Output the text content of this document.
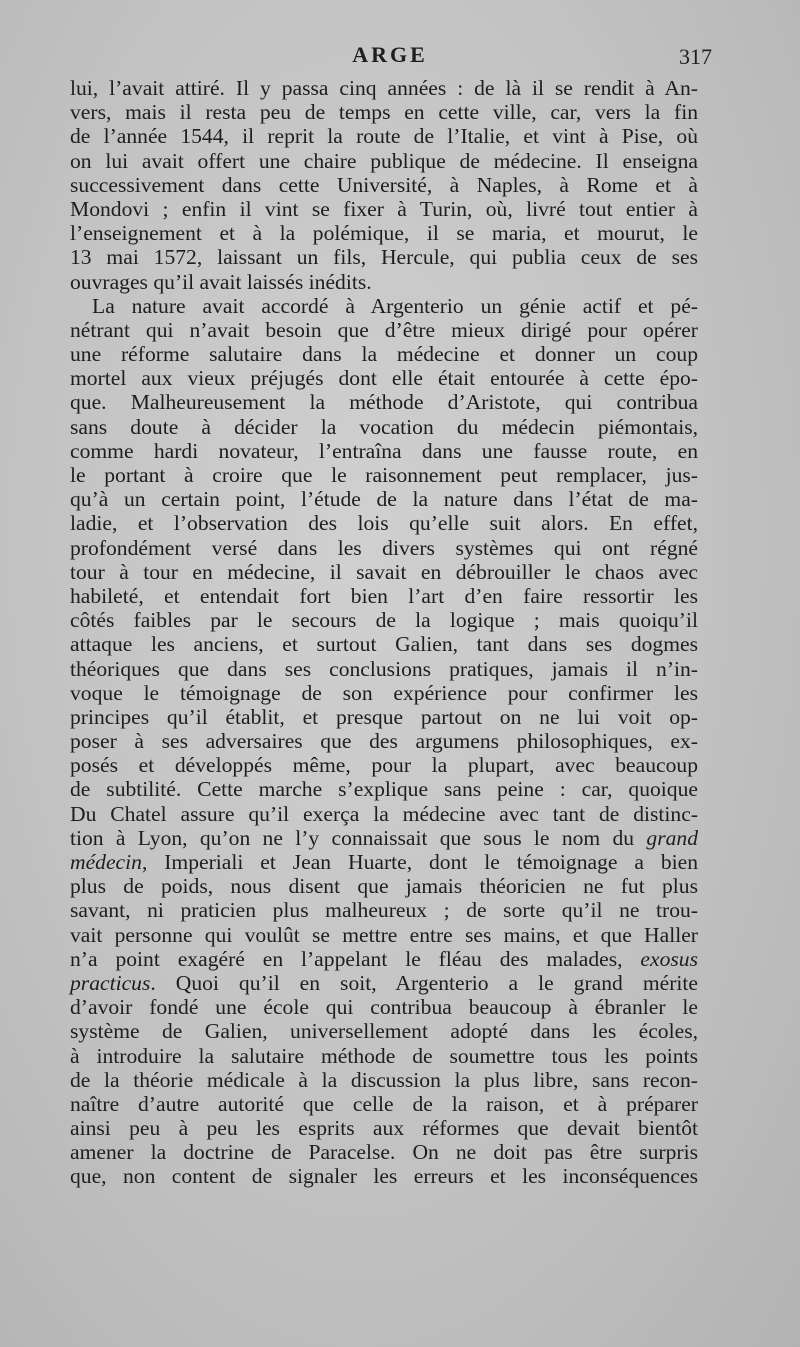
ARGE	317
lui, l’avait attiré. Il y passa cinq années : de là il se rendit à An-
vers, mais il resta peu de temps en cette ville, car, vers la fin
de l’année 1544, il reprit la route de l’Italie, et vint à Pise, où
on lui avait offert une chaire publique de médecine. Il enseigna
successivement dans cette Université, à Naples, à Rome et à
Mondovi ; enfin il vint se fixer à Turin, où, livré tout entier à
l’enseignement et à la polémique, il se maria, et mourut, le
13 mai 1572, laissant un fils, Hercule, qui publia ceux de ses
ouvrages qu’il avait laissés inédits.
La nature avait accordé à Argenterio un génie actif et pé-
nétrant qui n’avait besoin que d’être mieux dirigé pour opérer
une réforme salutaire dans la médecine et donner un coup
mortel aux vieux préjugés dont elle était entourée à cette épo-
que. Malheureusement la méthode d’Aristote, qui contribua
sans doute à décider la vocation du médecin piémontais,
comme hardi novateur, l’entraîna dans une fausse route, en
le portant à croire que le raisonnement peut remplacer, jus-
qu’à un certain point, l’étude de la nature dans l’état de ma-
ladie, et l’observation des lois qu’elle suit alors. En effet,
profondément versé dans les divers systèmes qui ont régné
tour à tour en médecine, il savait en débrouiller le chaos avec
habileté, et entendait fort bien l’art d’en faire ressortir les
côtés faibles par le secours de la logique ; mais quoiqu’il
attaque les anciens, et surtout Galien, tant dans ses dogmes
théoriques que dans ses conclusions pratiques, jamais il n’in-
voque le témoignage de son expérience pour confirmer les
principes qu’il établit, et presque partout on ne lui voit op-
poser à ses adversaires que des argumens philosophiques, ex-
posés et développés même, pour la plupart, avec beaucoup
de subtilité. Cette marche s’explique sans peine : car, quoique
Du Chatel assure qu’il exerça la médecine avec tant de distinc-
tion à Lyon, qu’on ne l’y connaissait que sous le nom du grand
médecin, Imperiali et Jean Huarte, dont le témoignage a bien
plus de poids, nous disent que jamais théoricien ne fut plus
savant, ni praticien plus malheureux ; de sorte qu’il ne trou-
vait personne qui voulût se mettre entre ses mains, et que Haller
n’a point exagéré en l’appelant le fléau des malades, exosus
practicus. Quoi qu’il en soit, Argenterio a le grand mérite
d’avoir fondé une école qui contribua beaucoup à ébranler le
système de Galien, universellement adopté dans les écoles,
à introduire la salutaire méthode de soumettre tous les points
de la théorie médicale à la discussion la plus libre, sans recon-
naître d’autre autorité que celle de la raison, et à préparer
ainsi peu à peu les esprits aux réformes que devait bientôt
amener la doctrine de Paracelse. On ne doit pas être surpris
que, non content de signaler les erreurs et les inconséquences
